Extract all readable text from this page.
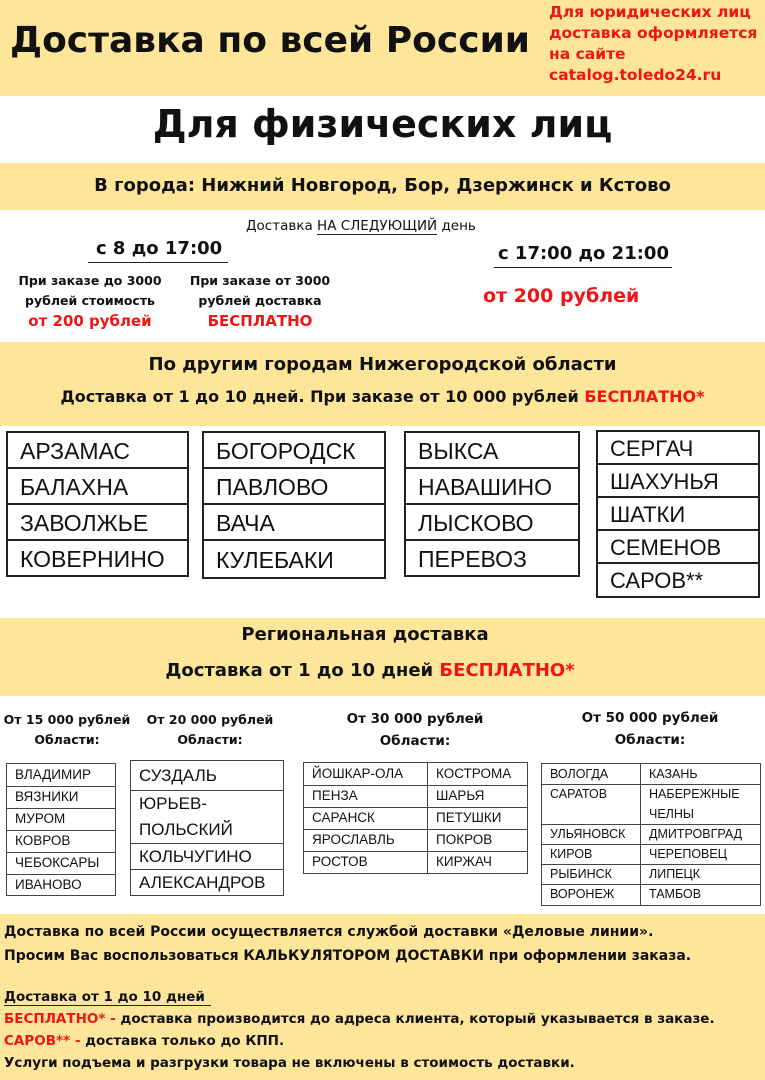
Доставка по всей России
Для юридических лиц
доставка оформляется
на сайте
catalog.toledo24.ru
Для физических лиц
В города: Нижний Новгород, Бор, Дзержинск и Кстово
Доставка НА СЛЕДУЮЩИЙ день
с 8 до 17:00
При заказе до 3000
рублей стоимость
от 200 рублей
При заказе от 3000
рублей доставка
БЕСПЛАТНО
с 17:00 до 21:00
от 200 рублей
По другим городам Нижегородской области
Доставка от 1 до 10 дней. При заказе от 10 000 рублей БЕСПЛАТНО*
АРЗАМАС
БАЛАХНА
ЗАВОЛЖЬЕ
КОВЕРНИНО
БОГОРОДСК
ПАВЛОВО
ВАЧА
КУЛЕБАКИ
ВЫКСА
НАВАШИНО
ЛЫСКОВО
ПЕРЕВОЗ
СЕРГАЧ
ШАХУНЬЯ
ШАТКИ
СЕМЕНОВ
САРОВ**
Региональная доставка
Доставка от 1 до 10 дней БЕСПЛАТНО*
От 15 000 рублей
Области:
От 20 000 рублей
Области:
От 30 000 рублей
Области:
От 50 000 рублей
Области:
ВЛАДИМИР
ВЯЗНИКИ
МУРОМ
КОВРОВ
ЧЕБОКСАРЫ
ИВАНОВО
СУЗДАЛЬ
ЮРЬЕВ-
ПОЛЬСКИЙ
КОЛЬЧУГИНО
АЛЕКСАНДРОВ
ЙОШКАР-ОЛА	КОСТРОМА
ПЕНЗА	ШАРЬЯ
САРАНСК	ПЕТУШКИ
ЯРОСЛАВЛЬ	ПОКРОВ
РОСТОВ	КИРЖАЧ
ВОЛОГДА	КАЗАНЬ
САРАТОВ	НАБЕРЕЖНЫЕ
ЧЕЛНЫ
УЛЬЯНОВСК	ДМИТРОВГРАД
КИРОВ	ЧЕРЕПОВЕЦ
РЫБИНСК	ЛИПЕЦК
ВОРОНЕЖ	ТАМБОВ
Доставка по всей России осуществляется службой доставки «Деловые линии».
Просим Вас воспользоваться КАЛЬКУЛЯТОРОМ ДОСТАВКИ при оформлении заказа.
Доставка от 1 до 10 дней
БЕСПЛАТНО* - доставка производится до адреса клиента, который указывается в заказе.
САРОВ** - доставка только до КПП.
Услуги подъема и разгрузки товара не включены в стоимость доставки.
